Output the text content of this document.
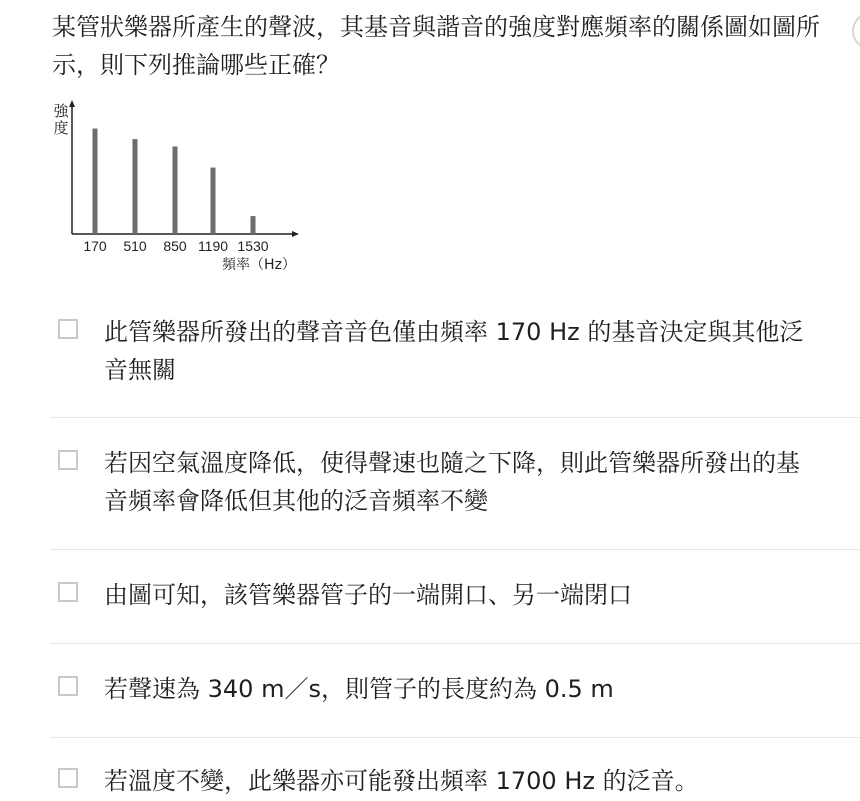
某管狀樂器所產生的聲波，其基音與諧音的強度對應頻率的關係圖如圖所示，則下列推論哪些正確？
強
度
170 510 850 1190 1530
頻率（Hz）
此管樂器所發出的聲音音色僅由頻率 170 Hz 的基音決定與其他泛音無關
若因空氣溫度降低，使得聲速也隨之下降，則此管樂器所發出的基音頻率會降低但其他的泛音頻率不變
由圖可知，該管樂器管子的一端開口、另一端閉口
若聲速為 340 m／s，則管子的長度約為 0.5 m
若溫度不變，此樂器亦可能發出頻率 1700 Hz 的泛音。
